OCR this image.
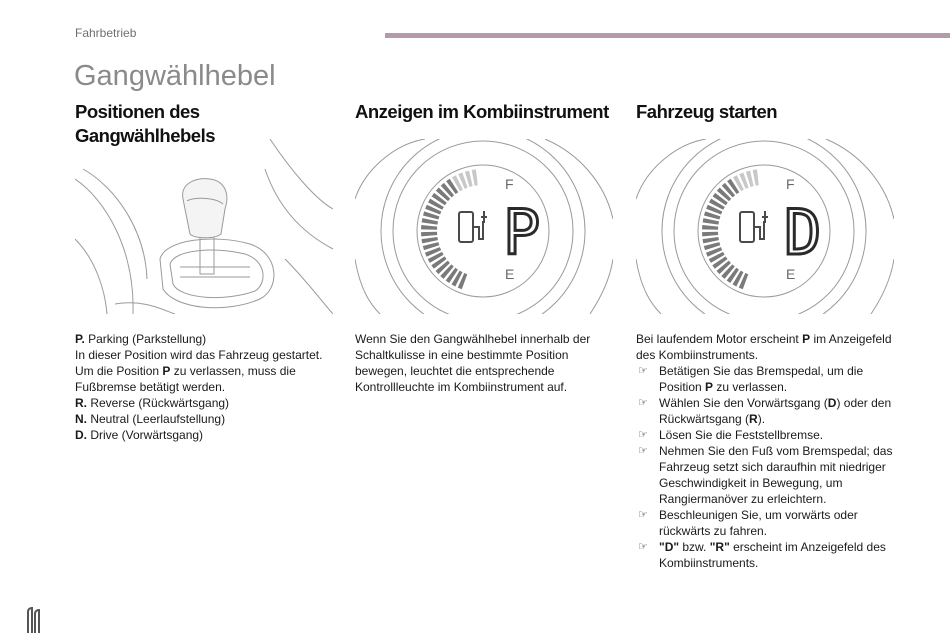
Fahrbetrieb
Gangwählhebel
Positionen des Gangwählhebels

P. Parking (Parkstellung)

In dieser Position wird das Fahrzeug gestartet.

Um die Position P zu verlassen, muss die

Fußbremse betätigt werden.

R. Reverse (Rückwärtsgang)

N. Neutral (Leerlaufstellung)

D. Drive (Vorwärtsgang)

Anzeigen im Kombiinstrument
F
E
P

Wenn Sie den Gangwählhebel innerhalb der Schaltkulisse in eine bestimmte Position bewegen, leuchtet die entsprechende Kontrollleuchte im Kombiinstrument auf.

Fahrzeug starten
F
E
D

Bei laufendem Motor erscheint P im Anzeigefeld des Kombiinstruments.

☞ Betätigen Sie das Bremspedal, um die Position P zu verlassen.
☞ Wählen Sie den Vorwärtsgang (D) oder den Rückwärtsgang (R).
☞ Lösen Sie die Feststellbremse.
☞ Nehmen Sie den Fuß vom Bremspedal; das Fahrzeug setzt sich daraufhin mit niedriger Geschwindigkeit in Bewegung, um Rangiermanöver zu erleichtern.
☞ Beschleunigen Sie, um vorwärts oder rückwärts zu fahren.
☞ "D" bzw. "R" erscheint im Anzeigefeld des Kombiinstruments.
